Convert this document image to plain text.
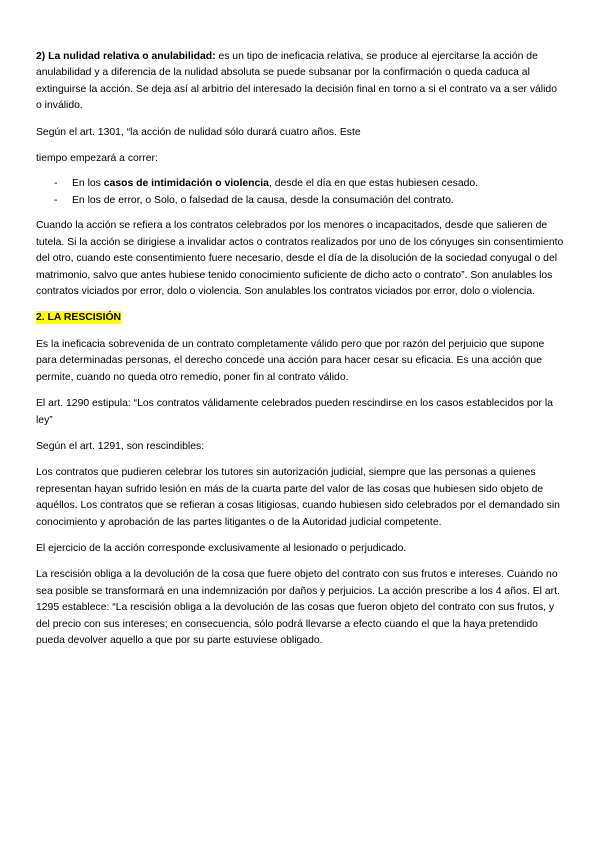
2) La nulidad relativa o anulabilidad: es un tipo de ineficacia relativa, se produce al ejercitarse la acción de anulabilidad y a diferencia de la nulidad absoluta se puede subsanar por la confirmación o queda caduca al extinguirse la acción. Se deja así al arbitrio del interesado la decisión final en torno a si el contrato va a ser válido o inválido.

Según el art. 1301, “la acción de nulidad sólo durará cuatro años. Este

tiempo empezará a correr:

- En los casos de intimidación o violencia, desde el día en que estas hubiesen cesado.
- En los de error, o Solo, o falsedad de la causa, desde la consumación del contrato.

Cuando la acción se refiera a los contratos celebrados por los menores o incapacitados, desde que salieren de tutela. Si la acción se dirigiese a invalidar actos o contratos realizados por uno de los cónyuges sin consentimiento del otro, cuando este consentimiento fuere necesario, desde el día de la disolución de la sociedad conyugal o del matrimonio, salvo que antes hubiese tenido conocimiento suficiente de dicho acto o contrato”. Son anulables los contratos viciados por error, dolo o violencia. Son anulables los contratos viciados por error, dolo o violencia.

2. LA RESCISIÓN

Es la ineficacia sobrevenida de un contrato completamente válido pero que por razón del perjuicio que supone para determinadas personas, el derecho concede una acción para hacer cesar su eficacia. Es una acción que permite, cuando no queda otro remedio, poner fin al contrato válido.

El art. 1290 estipula: “Los contratos válidamente celebrados pueden rescindirse en los casos establecidos por la ley”

Según el art. 1291, son rescindibles:

Los contratos que pudieren celebrar los tutores sin autorización judicial, siempre que las personas a quienes representan hayan sufrido lesión en más de la cuarta parte del valor de las cosas que hubiesen sido objeto de aquéllos. Los contratos que se refieran a cosas litigiosas, cuando hubiesen sido celebrados por el demandado sin conocimiento y aprobación de las partes litigantes o de la Autoridad judicial competente.

El ejercicio de la acción corresponde exclusivamente al lesionado o perjudicado.

La rescisión obliga a la devolución de la cosa que fuere objeto del contrato con sus frutos e intereses. Cuando no sea posible se transformará en una indemnización por daños y perjuicios. La acción prescribe a los 4 años. El art. 1295 establece: “La rescisión obliga a la devolución de las cosas que fueron objeto del contrato con sus frutos, y del precio con sus intereses; en consecuencia, sólo podrá llevarse a efecto cuando el que la haya pretendido pueda devolver aquello a que por su parte estuviese obligado.
